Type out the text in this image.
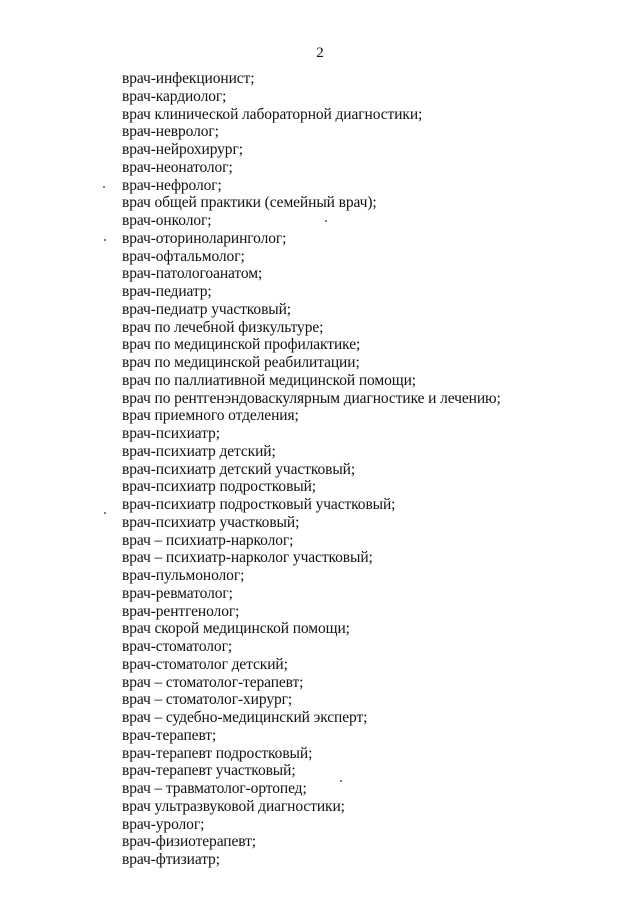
2
врач-инфекционист;
врач-кардиолог;
врач клинической лабораторной диагностики;
врач-невролог;
врач-нейрохирург;
врач-неонатолог;
врач-нефролог;
врач общей практики (семейный врач);
врач-онколог;
врач-оториноларинголог;
врач-офтальмолог;
врач-патологоанатом;
врач-педиатр;
врач-педиатр участковый;
врач по лечебной физкультуре;
врач по медицинской профилактике;
врач по медицинской реабилитации;
врач по паллиативной медицинской помощи;
врач по рентгенэндоваскулярным диагностике и лечению;
врач приемного отделения;
врач-психиатр;
врач-психиатр детский;
врач-психиатр детский участковый;
врач-психиатр подростковый;
врач-психиатр подростковый участковый;
врач-психиатр участковый;
врач – психиатр-нарколог;
врач – психиатр-нарколог участковый;
врач-пульмонолог;
врач-ревматолог;
врач-рентгенолог;
врач скорой медицинской помощи;
врач-стоматолог;
врач-стоматолог детский;
врач – стоматолог-терапевт;
врач – стоматолог-хирург;
врач – судебно-медицинский эксперт;
врач-терапевт;
врач-терапевт подростковый;
врач-терапевт участковый;
врач – травматолог-ортопед;
врач ультразвуковой диагностики;
врач-уролог;
врач-физиотерапевт;
врач-фтизиатр;
